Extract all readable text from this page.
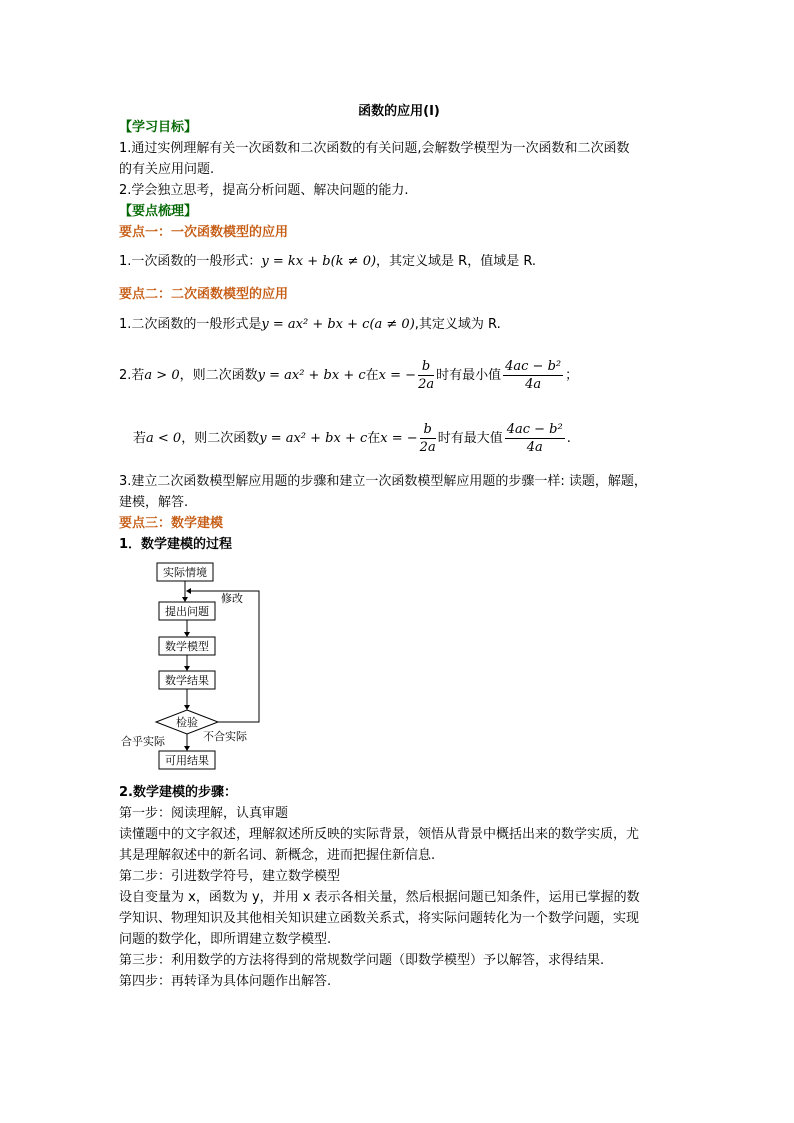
函数的应用(Ⅰ)
【学习目标】
1.通过实例理解有关一次函数和二次函数的有关问题,会解数学模型为一次函数和二次函数
的有关应用问题.
2.学会独立思考，提高分析问题、解决问题的能力.
【要点梳理】
要点一：一次函数模型的应用
1.一次函数的一般形式：y = kx + b(k ≠ 0)，其定义域是 R，值域是 R.
要点二：二次函数模型的应用
1.二次函数的一般形式是y = ax² + bx + c(a ≠ 0),其定义域为 R.
2.若a > 0，则二次函数y = ax² + bx + c在x = − $\frac{b}{2a}$ 时有最小值 $\frac{\text{4ac − b²}}{4a}$ ；
若a < 0，则二次函数y = ax² + bx + c在x = − $\frac{b}{2a}$ 时有最大值 $\frac{\text{4ac − b²}}{4a}$ .
3.建立二次函数模型解应用题的步骤和建立一次函数模型解应用题的步骤一样: 读题，解题，
建模，解答.
要点三：数学建模
1．数学建模的过程
实际情境
提出问题
数学模型
数学结果
检验
可用结果
修改
不合实际
合乎实际
2.数学建模的步骤：
第一步：阅读理解，认真审题
读懂题中的文字叙述，理解叙述所反映的实际背景，领悟从背景中概括出来的数学实质，尤
其是理解叙述中的新名词、新概念，进而把握住新信息.
第二步：引进数学符号，建立数学模型
设自变量为 x，函数为 y，并用 x 表示各相关量，然后根据问题已知条件，运用已掌握的数
学知识、物理知识及其他相关知识建立函数关系式，将实际问题转化为一个数学问题，实现
问题的数学化，即所谓建立数学模型.
第三步：利用数学的方法将得到的常规数学问题（即数学模型）予以解答，求得结果.
第四步：再转译为具体问题作出解答.
